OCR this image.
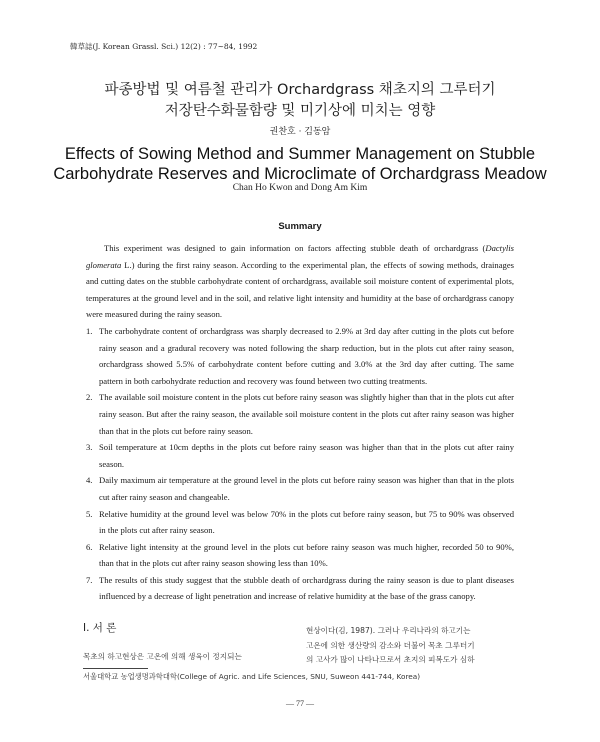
韓草誌(J. Korean Grassl. Sci.) 12(2) : 77~84, 1992
파종방법 및 여름철 관리가 Orchardgrass 채초지의 그루터기
저장탄수화물함량 및 미기상에 미치는 영향
권찬호 · 김동암
Effects of Sowing Method and Summer Management on Stubble
Carbohydrate Reserves and Microclimate of Orchardgrass Meadow
Chan Ho Kwon and Dong Am Kim
Summary

This experiment was designed to gain information on factors affecting stubble death of orchardgrass (Dactylis glomerata L.) during the first rainy season. According to the experimental plan, the effects of sowing methods, drainages and cutting dates on the stubble carbohydrate content of orchardgrass, available soil moisture content of experimental plots, temperatures at the ground level and in the soil, and relative light intensity and humidity at the base of orchardgrass canopy were measured during the rainy season.

1. The carbohydrate content of orchardgrass was sharply decreased to 2.9% at 3rd day after cutting in the plots cut before rainy season and a gradural recovery was noted following the sharp reduction, but in the plots cut after rainy season, orchardgrass showed 5.5% of carbohydrate content before cutting and 3.0% at the 3rd day after cutting. The same pattern in both carbohydrate reduction and recovery was found between two cutting treatments.
2. The available soil moisture content in the plots cut before rainy season was slightly higher than that in the plots cut after rainy season. But after the rainy season, the available soil moisture content in the plots cut after rainy season was higher than that in the plots cut before rainy season.
3. Soil temperature at 10cm depths in the plots cut before rainy season was higher than that in the plots cut after rainy season.
4. Daily maximum air temperature at the ground level in the plots cut before rainy season was higher than that in the plots cut after rainy season and changeable.
5. Relative humidity at the ground level was below 70% in the plots cut before rainy season, but 75 to 90% was observed in the plots cut after rainy season.
6. Relative light intensity at the ground level in the plots cut before rainy season was much higher, recorded 50 to 90%, than that in the plots cut after rainy season showing less than 10%.
7. The results of this study suggest that the stubble death of orchardgrass during the rainy season is due to plant diseases influenced by a decrease of light penetration and increase of relative humidity at the base of the grass canopy.
I. 서 론
목초의 하고현상은 고온에 의해 생육이 정지되는
현상이다(김, 1987). 그러나 우리나라의 하고기는
고온에 의한 생산량의 감소와 더불어 목초 그루터기
의 고사가 많이 나타나므로서 초지의 피복도가 심하
서울대학교 농업생명과학대학(College of Agric. and Life Sciences, SNU, Suweon 441-744, Korea)
— 77 —
